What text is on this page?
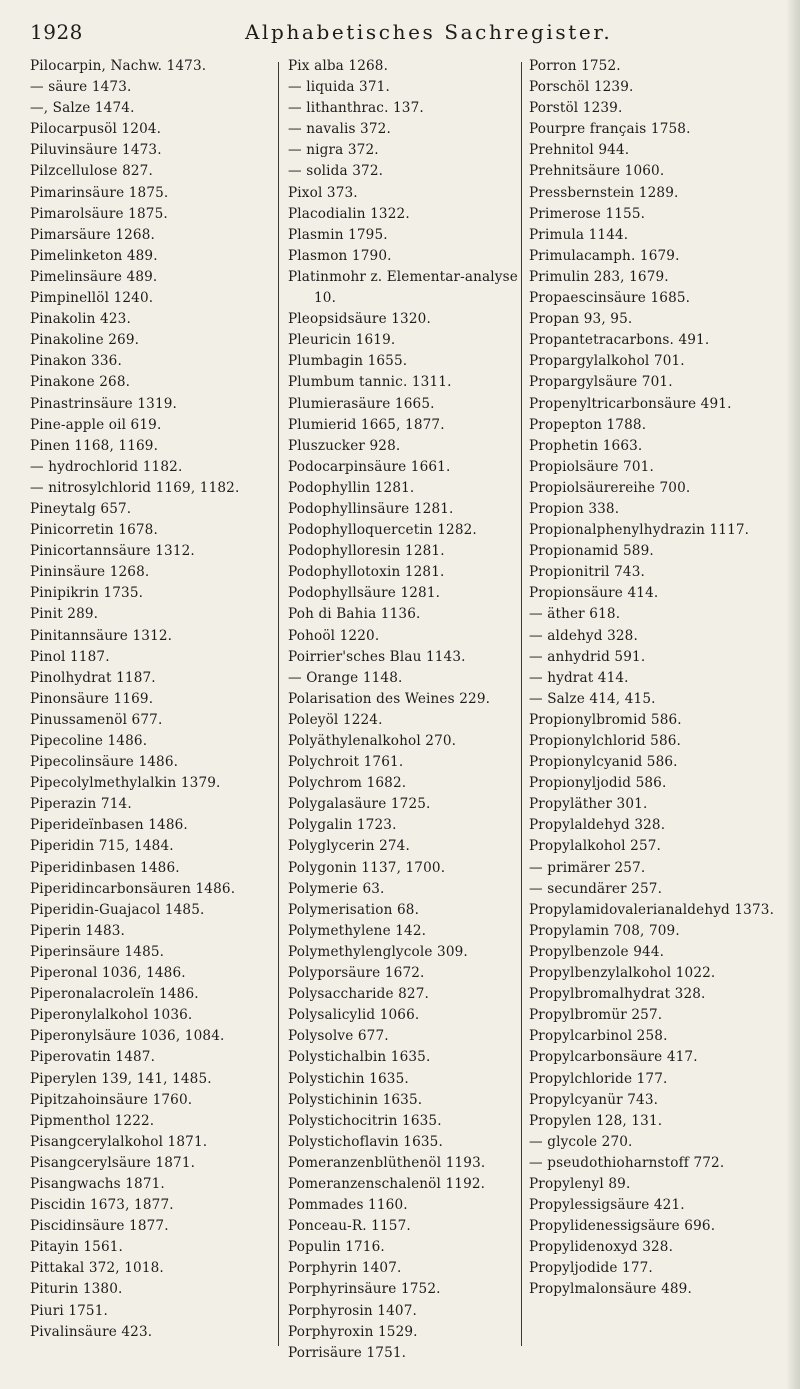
1928	Alphabetisches Sachregister.
Pilocarpin, Nachw. 1473.
— säure 1473.
—, Salze 1474.
Pilocarpusöl 1204.
Piluvinsäure 1473.
Pilzcellulose 827.
Pimarinsäure 1875.
Pimarolsäure 1875.
Pimarsäure 1268.
Pimelinketon 489.
Pimelinsäure 489.
Pimpinellöl 1240.
Pinakolin 423.
Pinakoline 269.
Pinakon 336.
Pinakone 268.
Pinastrinsäure 1319.
Pine-apple oil 619.
Pinen 1168, 1169.
— hydrochlorid 1182.
— nitrosylchlorid 1169, 1182.
Pineytalg 657.
Pinicorretin 1678.
Pinicortannsäure 1312.
Pininsäure 1268.
Pinipikrin 1735.
Pinit 289.
Pinitannsäure 1312.
Pinol 1187.
Pinolhydrat 1187.
Pinonsäure 1169.
Pinussamenöl 677.
Pipecoline 1486.
Pipecolinsäure 1486.
Pipecolylmethylalkin 1379.
Piperazin 714.
Piperideïnbasen 1486.
Piperidin 715, 1484.
Piperidinbasen 1486.
Piperidincarbonsäuren 1486.
Piperidin-Guajacol 1485.
Piperin 1483.
Piperinsäure 1485.
Piperonal 1036, 1486.
Piperonalacroleïn 1486.
Piperonylalkohol 1036.
Piperonylsäure 1036, 1084.
Piperovatin 1487.
Piperylen 139, 141, 1485.
Pipitzahoinsäure 1760.
Pipmenthol 1222.
Pisangcerylalkohol 1871.
Pisangcerylsäure 1871.
Pisangwachs 1871.
Piscidin 1673, 1877.
Piscidinsäure 1877.
Pitayin 1561.
Pittakal 372, 1018.
Piturin 1380.
Piuri 1751.
Pivalinsäure 423.
Pix alba 1268.
— liquida 371.
— lithanthrac. 137.
— navalis 372.
— nigra 372.
— solida 372.
Pixol 373.
Placodialin 1322.
Plasmin 1795.
Plasmon 1790.
Platinmohr z. Elementar-analyse 10.
Pleopsidsäure 1320.
Pleuricin 1619.
Plumbagin 1655.
Plumbum tannic. 1311.
Plumierasäure 1665.
Plumierid 1665, 1877.
Pluszucker 928.
Podocarpinsäure 1661.
Podophyllin 1281.
Podophyllinsäure 1281.
Podophylloquercetin 1282.
Podophylloresin 1281.
Podophyllotoxin 1281.
Podophyllsäure 1281.
Poh di Bahia 1136.
Pohoöl 1220.
Poirrier'sches Blau 1143.
— Orange 1148.
Polarisation des Weines 229.
Poleyöl 1224.
Polyäthylenalkohol 270.
Polychroit 1761.
Polychrom 1682.
Polygalasäure 1725.
Polygalin 1723.
Polyglycerin 274.
Polygonin 1137, 1700.
Polymerie 63.
Polymerisation 68.
Polymethylene 142.
Polymethylenglycole 309.
Polyporsäure 1672.
Polysaccharide 827.
Polysalicylid 1066.
Polysolve 677.
Polystichalbin 1635.
Polystichin 1635.
Polystichinin 1635.
Polystichocitrin 1635.
Polystichoflavin 1635.
Pomeranzenblüthenöl 1193.
Pomeranzenschalenöl 1192.
Pommades 1160.
Ponceau-R. 1157.
Populin 1716.
Porphyrin 1407.
Porphyrinsäure 1752.
Porphyrosin 1407.
Porphyroxin 1529.
Porrisäure 1751.
Porron 1752.
Porschöl 1239.
Porstöl 1239.
Pourpre français 1758.
Prehnitol 944.
Prehnitsäure 1060.
Pressbernstein 1289.
Primerose 1155.
Primula 1144.
Primulacamph. 1679.
Primulin 283, 1679.
Propaescinsäure 1685.
Propan 93, 95.
Propantetracarbons. 491.
Propargylalkohol 701.
Propargylsäure 701.
Propenyltricarbonsäure 491.
Propepton 1788.
Prophetin 1663.
Propiolsäure 701.
Propiolsäurereihe 700.
Propion 338.
Propionalphenylhydrazin 1117.
Propionamid 589.
Propionitril 743.
Propionsäure 414.
— äther 618.
— aldehyd 328.
— anhydrid 591.
— hydrat 414.
— Salze 414, 415.
Propionylbromid 586.
Propionylchlorid 586.
Propionylcyanid 586.
Propionyljodid 586.
Propyläther 301.
Propylaldehyd 328.
Propylalkohol 257.
— primärer 257.
— secundärer 257.
Propylamidovalerianaldehyd 1373.
Propylamin 708, 709.
Propylbenzole 944.
Propylbenzylalkohol 1022.
Propylbromalhydrat 328.
Propylbromür 257.
Propylcarbinol 258.
Propylcarbonsäure 417.
Propylchloride 177.
Propylcyanür 743.
Propylen 128, 131.
— glycole 270.
— pseudothioharnstoff 772.
Propylenyl 89.
Propylessigsäure 421.
Propylidenessigsäure 696.
Propylidenoxyd 328.
Propyljodide 177.
Propylmalonsäure 489.
